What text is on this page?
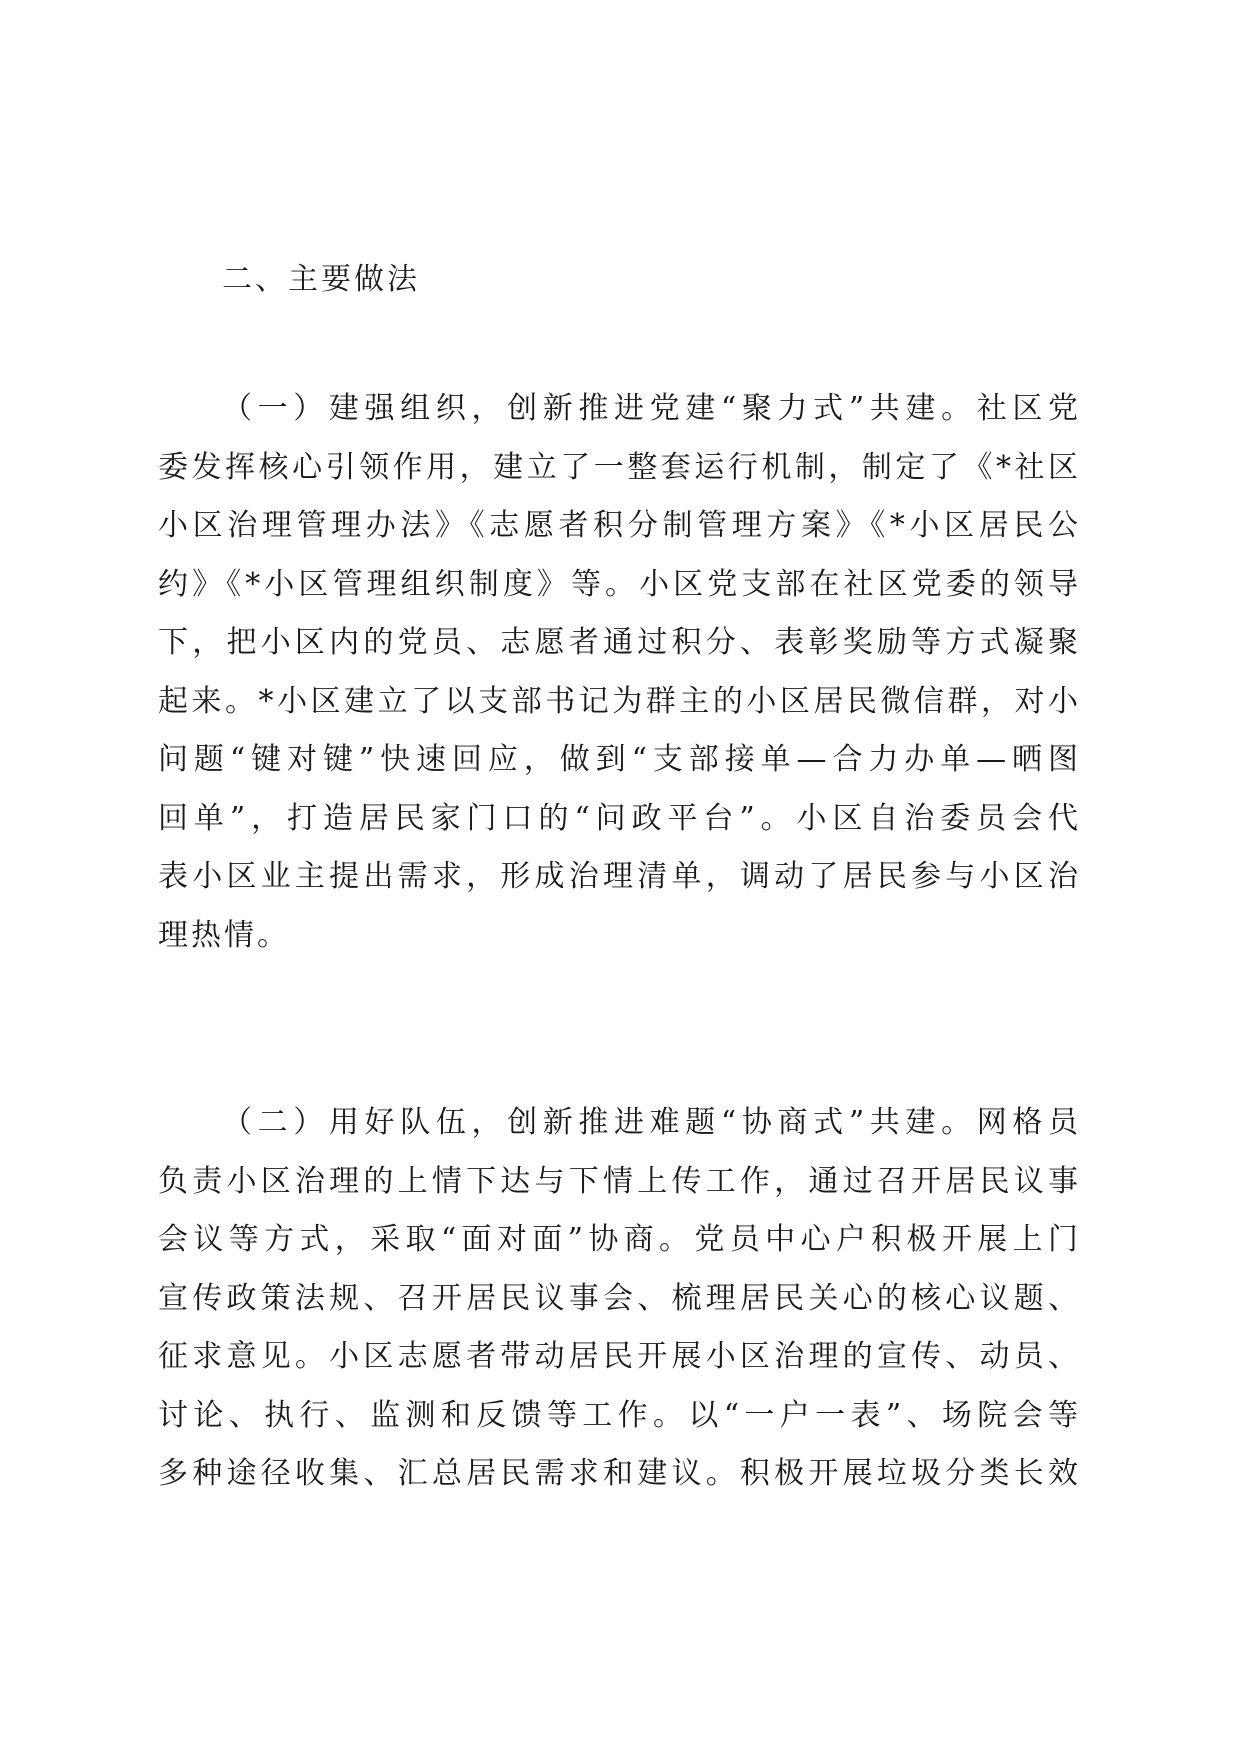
二、主要做法
（一）建强组织，创新推进党建“聚力式”共建。社区党
委发挥核心引领作用，建立了一整套运行机制，制定了《*社区
小区治理管理办法》《志愿者积分制管理方案》《*小区居民公
约》《*小区管理组织制度》等。小区党支部在社区党委的领导
下，把小区内的党员、志愿者通过积分、表彰奖励等方式凝聚
起来。*小区建立了以支部书记为群主的小区居民微信群，对小
问题“键对键”快速回应，做到“支部接单—合力办单—晒图
回单”，打造居民家门口的“问政平台”。小区自治委员会代
表小区业主提出需求，形成治理清单，调动了居民参与小区治
理热情。
（二）用好队伍，创新推进难题“协商式”共建。网格员
负责小区治理的上情下达与下情上传工作，通过召开居民议事
会议等方式，采取“面对面”协商。党员中心户积极开展上门
宣传政策法规、召开居民议事会、梳理居民关心的核心议题、
征求意见。小区志愿者带动居民开展小区治理的宣传、动员、
讨论、执行、监测和反馈等工作。以“一户一表”、场院会等
多种途径收集、汇总居民需求和建议。积极开展垃圾分类长效
